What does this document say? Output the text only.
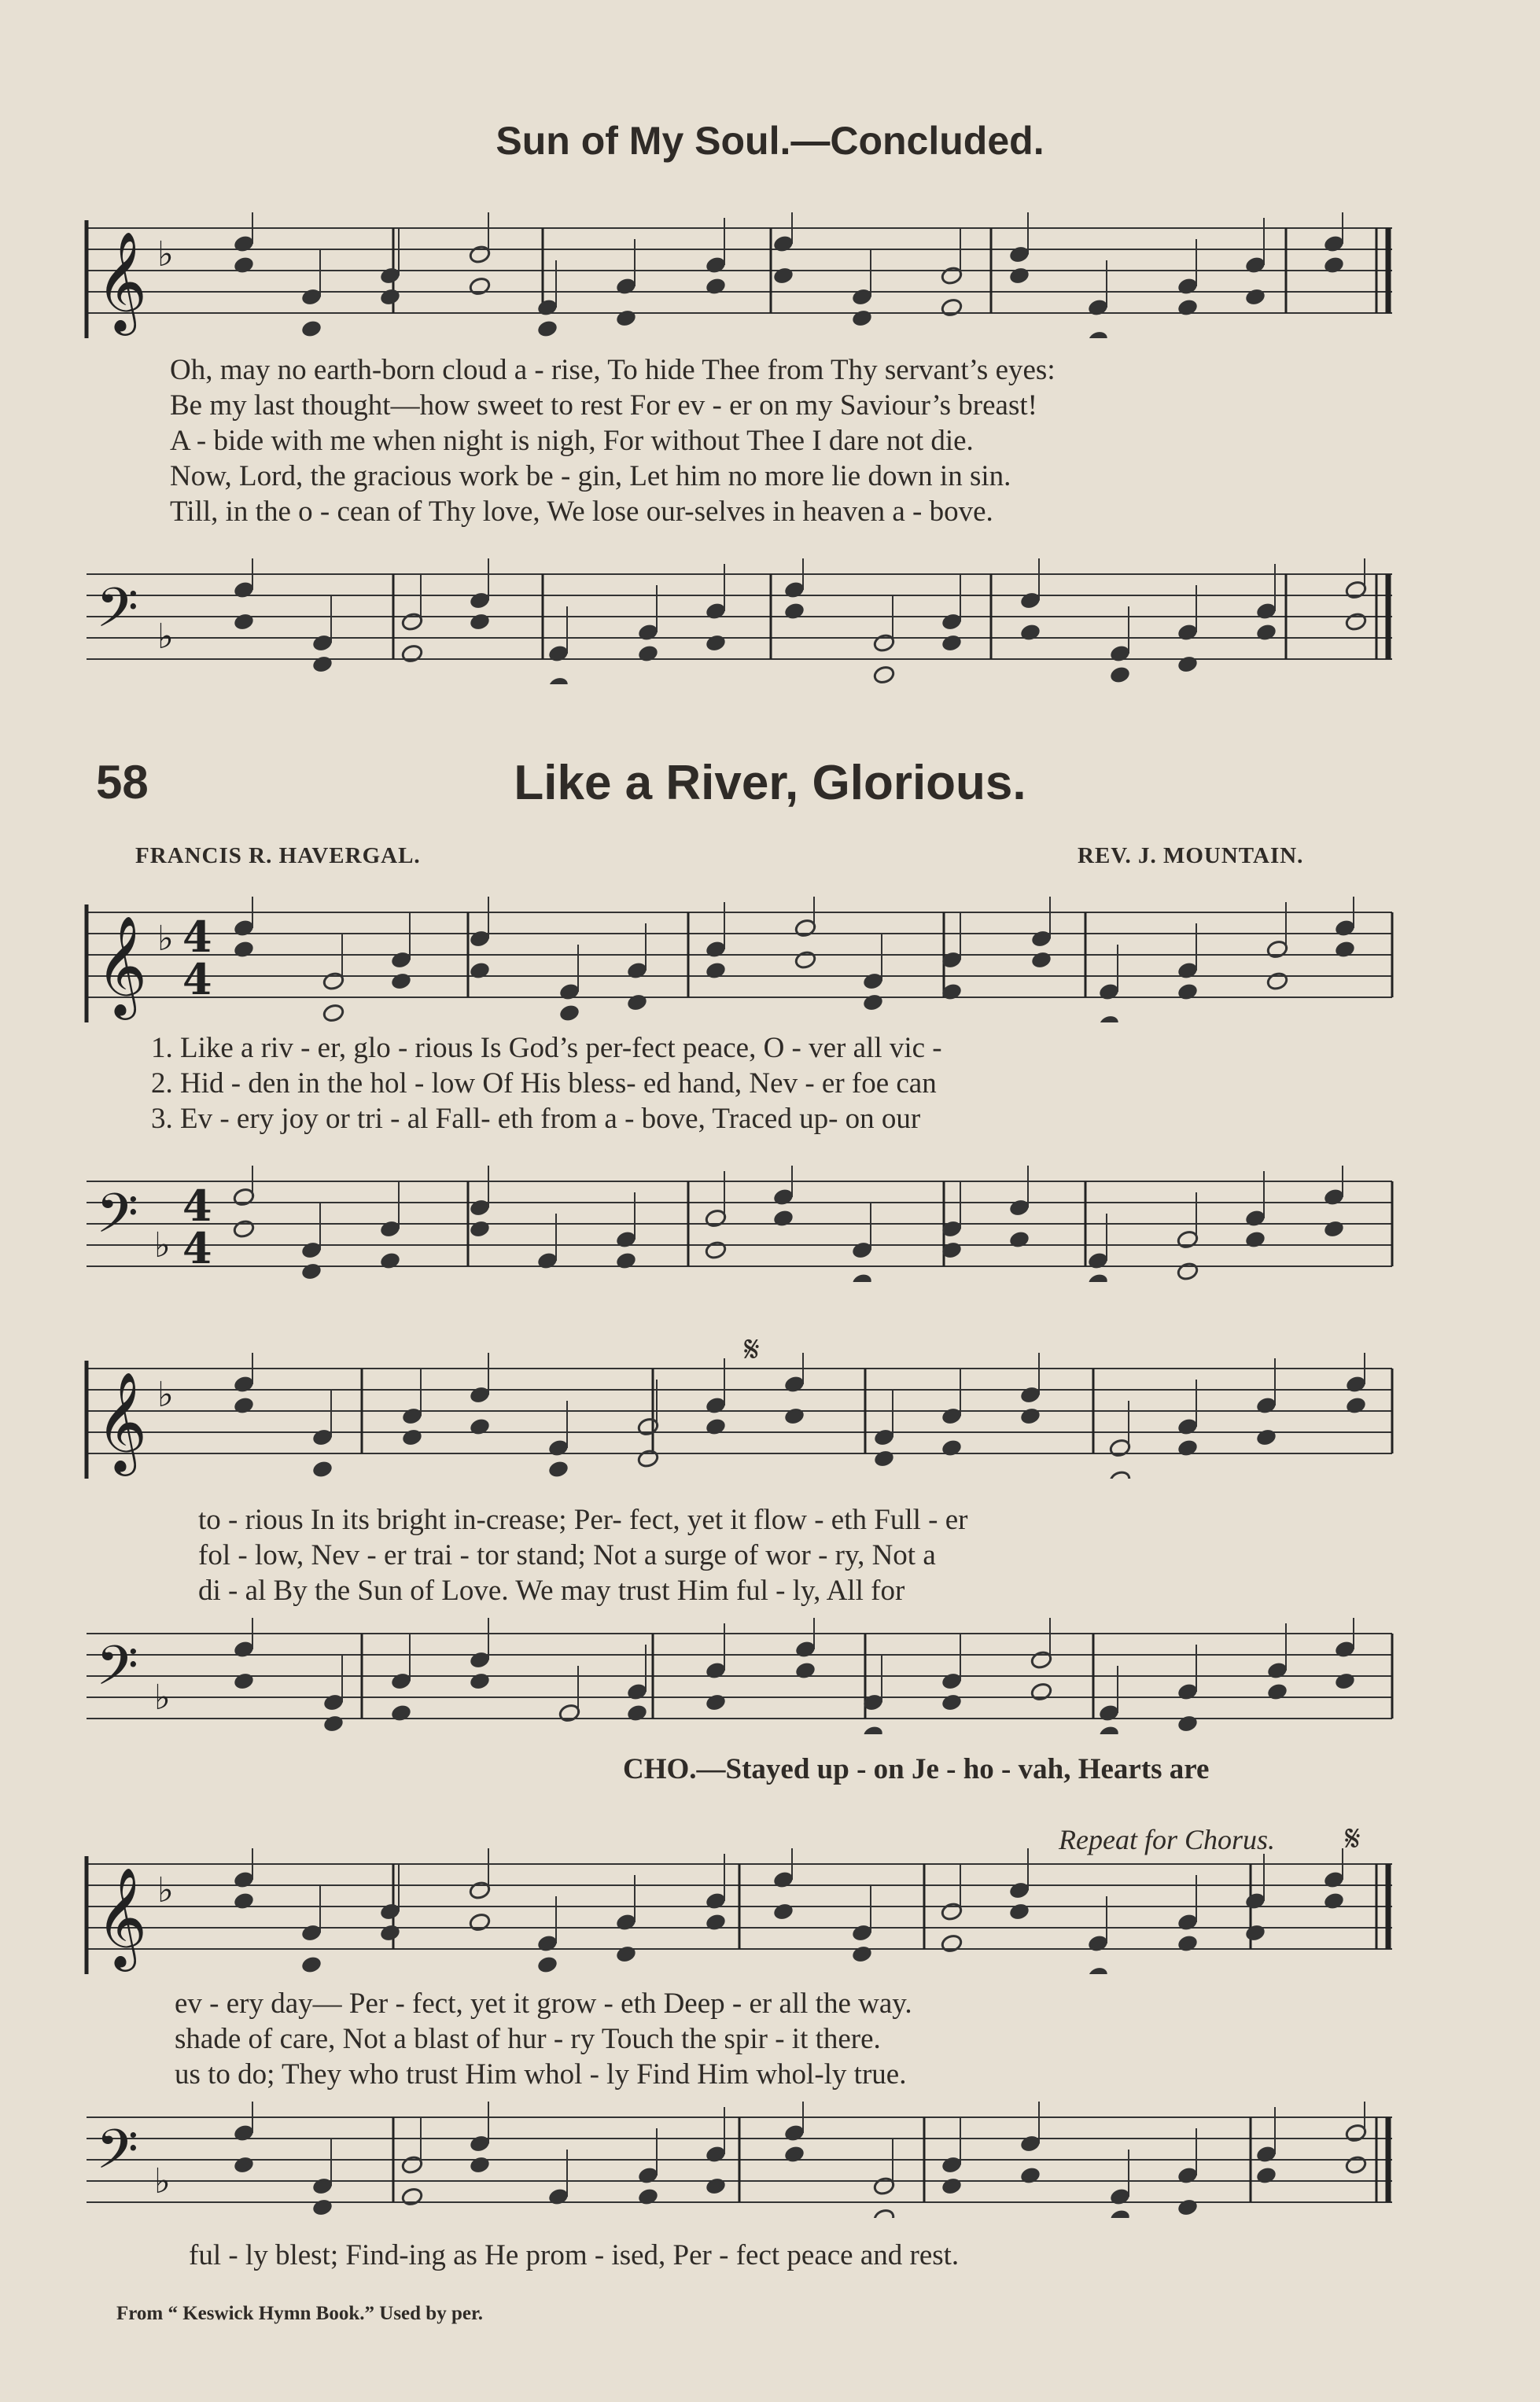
Sun of My Soul.—Concluded.
𝄞 ♭
Oh, may no earth-born cloud a - rise, To hide Thee from Thy servant’s eyes:
Be my last thought—how sweet to rest For ev - er on my Saviour’s breast!
A - bide with me when night is nigh, For without Thee I dare not die.
Now, Lord, the gracious work be - gin, Let him no more lie down in sin.
Till, in the o - cean of Thy love, We lose our-selves in heaven a - bove.
𝄢 ♭
58	Like a River, Glorious.
FRANCIS R. HAVERGAL.	REV. J. MOUNTAIN.
𝄞 ♭ 4
4
1. Like a riv - er, glo - rious Is God’s per-fect peace, O - ver all vic -
2. Hid - den in the hol - low Of His bless- ed hand, Nev - er foe can
3. Ev - ery joy or tri - al Fall- eth from a - bove, Traced up- on our
𝄢 ♭
4
4
𝄞 ♭
𝄋
to - rious In its bright in-crease; Per- fect, yet it flow - eth Full - er
fol - low, Nev - er trai - tor stand; Not a surge of wor - ry, Not a
di - al By the Sun of Love. We may trust Him ful - ly, All for
𝄢 ♭
CHO.—Stayed up - on Je - ho - vah, Hearts are
Repeat for Chorus. 𝄋
𝄞 ♭
ev - ery day— Per - fect, yet it grow - eth Deep - er all the way.
shade of care, Not a blast of hur - ry Touch the spir - it there.
us to do; They who trust Him whol - ly Find Him whol-ly true.
𝄢 ♭
ful - ly blest; Find-ing as He prom - ised, Per - fect peace and rest.
From “ Keswick Hymn Book.” Used by per.
